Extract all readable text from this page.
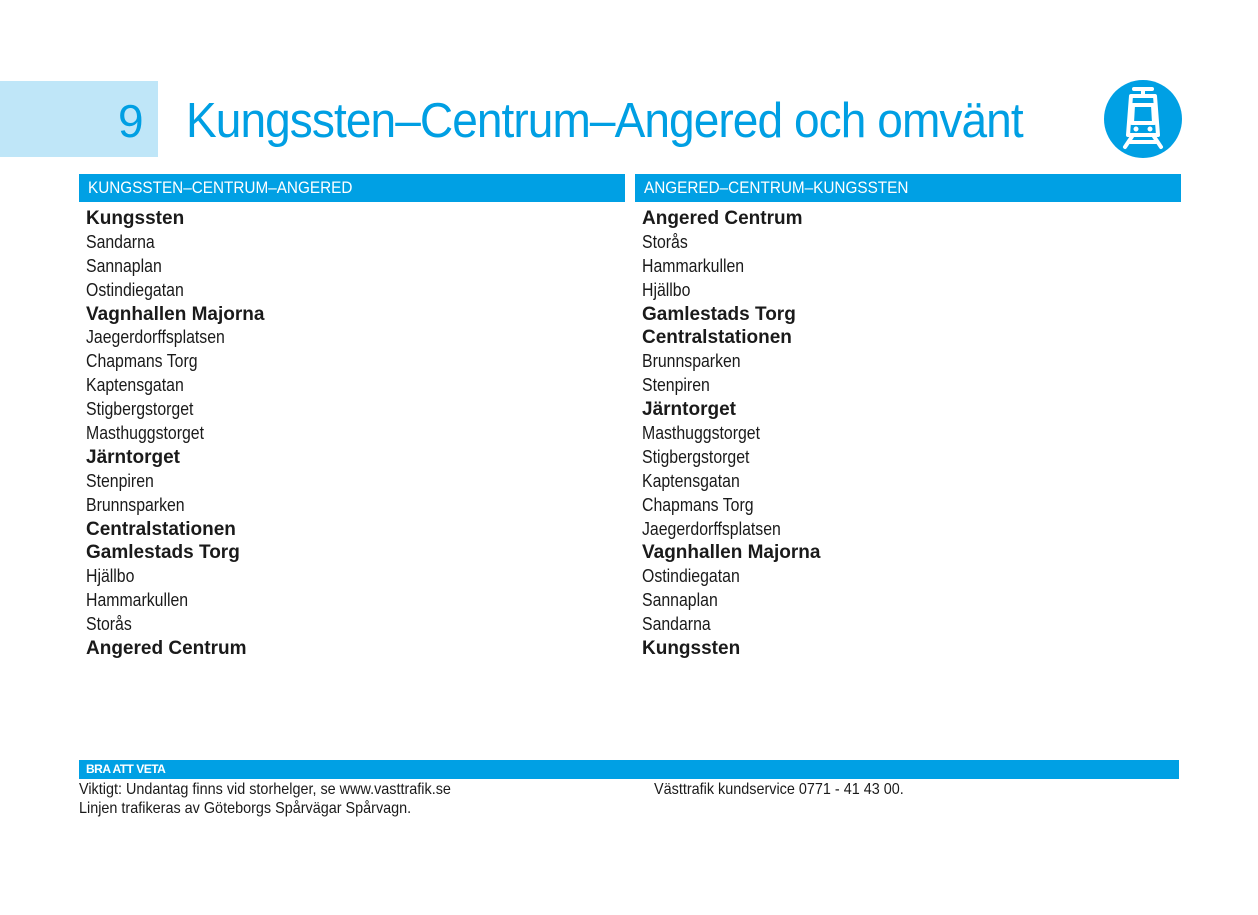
9 Kungssten–Centrum–Angered och omvänt
KUNGSSTEN–CENTRUM–ANGERED	ANGERED–CENTRUM–KUNGSSTEN
Kungssten
Sandarna
Sannaplan
Ostindiegatan
Vagnhallen Majorna
Jaegerdorffsplatsen
Chapmans Torg
Kaptensgatan
Stigbergstorget
Masthuggstorget
Järntorget
Stenpiren
Brunnsparken
Centralstationen
Gamlestads Torg
Hjällbo
Hammarkullen
Storås
Angered Centrum
Angered Centrum
Storås
Hammarkullen
Hjällbo
Gamlestads Torg
Centralstationen
Brunnsparken
Stenpiren
Järntorget
Masthuggstorget
Stigbergstorget
Kaptensgatan
Chapmans Torg
Jaegerdorffsplatsen
Vagnhallen Majorna
Ostindiegatan
Sannaplan
Sandarna
Kungssten
BRA ATT VETA
Viktigt: Undantag finns vid storhelger, se www.vasttrafik.se
Linjen trafikeras av Göteborgs Spårvägar Spårvagn.
Västtrafik kundservice 0771 - 41 43 00.
